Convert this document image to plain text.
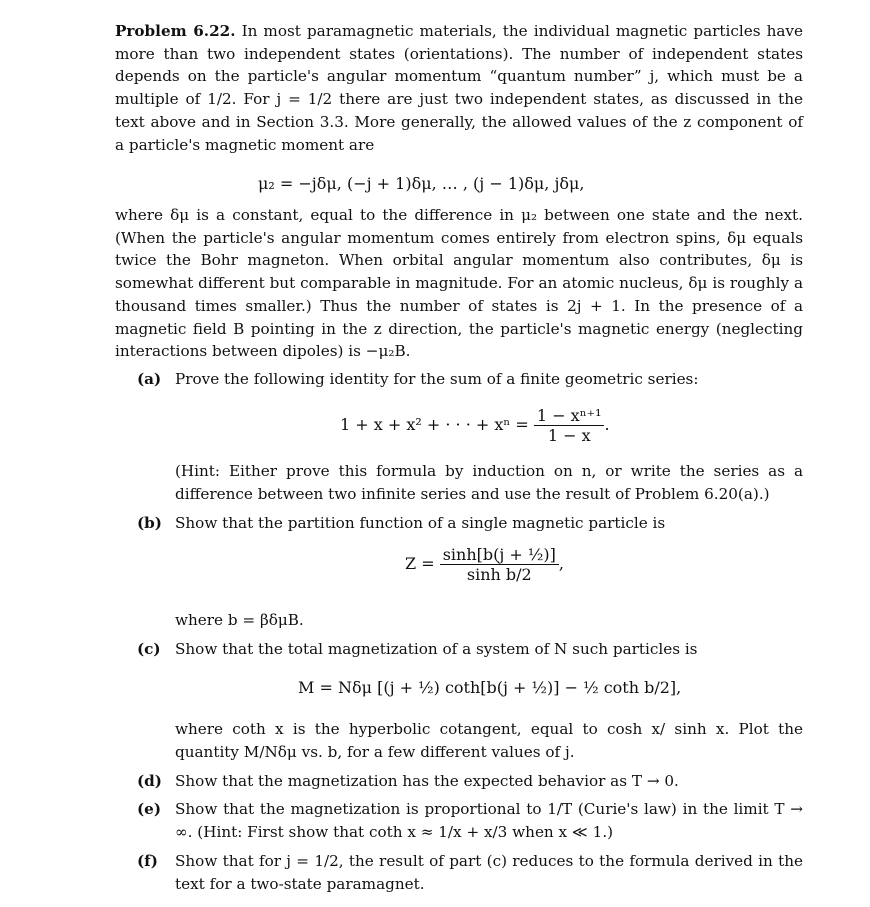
Problem 6.22. In most paramagnetic materials, the individual magnetic particles have more than two independent states (orientations). The number of independent states depends on the particle's angular momentum “quantum number” j, which must be a multiple of 1/2. For j = 1/2 there are just two independent states, as discussed in the text above and in Section 3.3. More generally, the allowed values of the z component of a particle's magnetic moment are

μ₂ = −jδμ, (−j + 1)δμ, … , (j − 1)δμ, jδμ,

where δμ is a constant, equal to the difference in μ₂ between one state and the next. (When the particle's angular momentum comes entirely from electron spins, δμ equals twice the Bohr magneton. When orbital angular momentum also contributes, δμ is somewhat different but comparable in magnitude. For an atomic nucleus, δμ is roughly a thousand times smaller.) Thus the number of states is 2j + 1. In the presence of a magnetic field B pointing in the z direction, the particle's magnetic energy (neglecting interactions between dipoles) is −μ₂B.

(a) Prove the following identity for the sum of a finite geometric series:
1 + x + x² + · · · + $x^n = \frac{\text{1 − xⁿ⁺¹}}{1 - x}$ .
(Hint: Either prove this formula by induction on n, or write the series as a difference between two infinite series and use the result of Problem 6.20(a).)
(b) Show that the partition function of a single magnetic particle is
$Z = \frac{\text{sinh[b(j + ½)]}}{\text{sinh b/2}}$ ,
where b = βδμB.
(c) Show that the total magnetization of a system of N such particles is
M = Nδμ [(j + ½) coth[b(j + ½)] − ½ coth b/2],
where coth x is the hyperbolic cotangent, equal to cosh x/ sinh x. Plot the quantity M/Nδμ vs. b, for a few different values of j.
(d) Show that the magnetization has the expected behavior as T → 0.
(e) Show that the magnetization is proportional to 1/T (Curie's law) in the limit T → ∞. (Hint: First show that coth x ≈ 1/x + x/3 when x ≪ 1.)
(f) Show that for j = 1/2, the result of part (c) reduces to the formula derived in the text for a two-state paramagnet.
